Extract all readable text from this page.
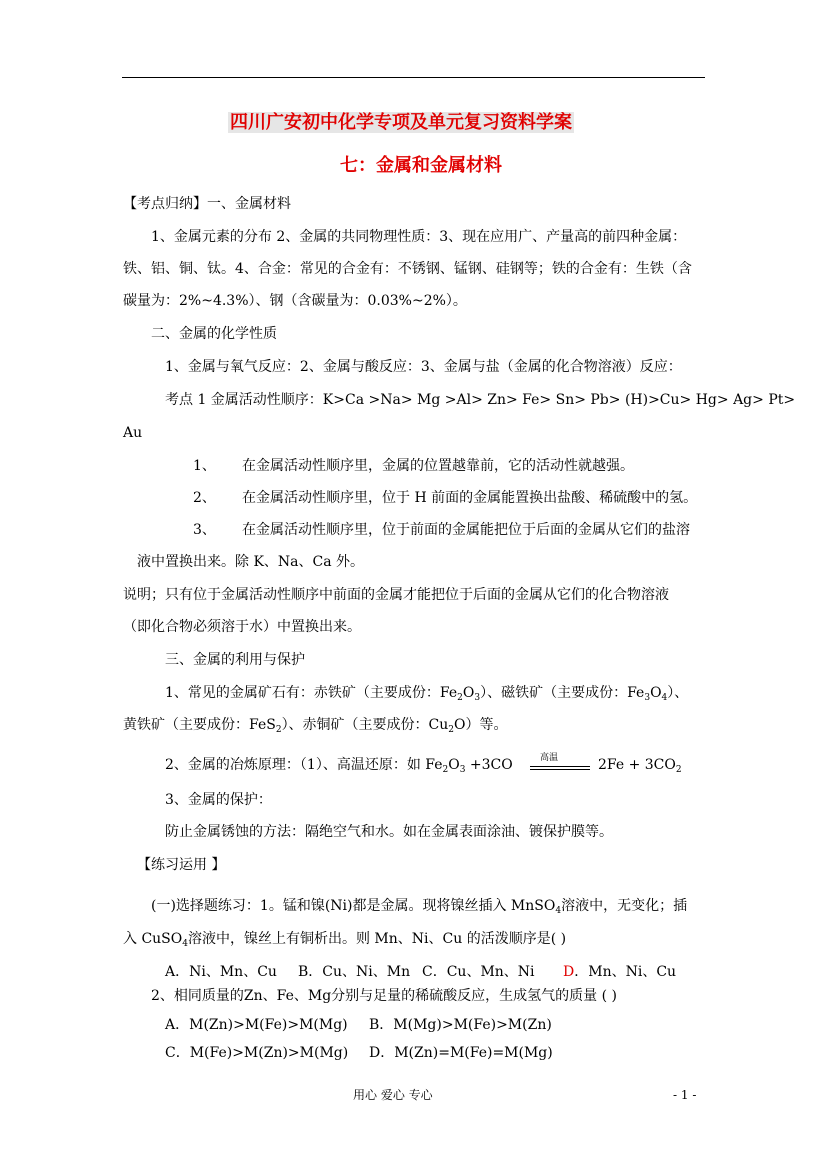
四川广安初中化学专项及单元复习资料学案
七：金属和金属材料
【考点归纳】一、金属材料
1、金属元素的分布 2、金属的共同物理性质：3、现在应用广、产量高的前四种金属：
铁、铝、铜、钛。4、合金：常见的合金有：不锈钢、锰钢、硅钢等；铁的合金有：生铁（含
碳量为：2%~4.3%）、钢（含碳量为：0.03%~2%）。
二、金属的化学性质
1、金属与氧气反应：2、金属与酸反应：3、金属与盐（金属的化合物溶液）反应：
考点 1 金属活动性顺序：K>Ca >Na> Mg >Al> Zn> Fe> Sn> Pb> (H)>Cu> Hg> Ag> Pt>
Au
1、 在金属活动性顺序里，金属的位置越靠前，它的活动性就越强。
2、 在金属活动性顺序里，位于 H 前面的金属能置换出盐酸、稀硫酸中的氢。
3、 在金属活动性顺序里，位于前面的金属能把位于后面的金属从它们的盐溶
液中置换出来。除 K、Na、Ca 外。
说明；只有位于金属活动性顺序中前面的金属才能把位于后面的金属从它们的化合物溶液
（即化合物必须溶于水）中置换出来。
三、金属的利用与保护
1、常见的金属矿石有：赤铁矿（主要成份：$Fe_2O_3$）、磁铁矿（主要成份：$Fe_3O_4$）、
黄铁矿（主要成份：FeS$_2$）、赤铜矿（主要成份：$Cu_2O$）等。
2、金属的冶炼原理：（1）、高温还原：如 $Fe_2O_3 +3CO$	高温	$2Fe + 3CO_2$
3、金属的保护：
防止金属锈蚀的方法：隔绝空气和水。如在金属表面涂油、镀保护膜等。
【练习运用 】
(一)选择题练习：1。锰和镍(Ni)都是金属。现将镍丝插入 MnSO$_4$溶液中，无变化；插
入 CuSO$_4$溶液中，镍丝上有铜析出。则 Mn、Ni、Cu 的活泼顺序是( )
A．Ni、Mn、Cu B．Cu、Ni、Mn C．Cu、Mn、Ni D．Mn、Ni、Cu
2、相同质量的Zn、Fe、Mg分别与足量的稀硫酸反应，生成氢气的质量 ( )
A．M(Zn)>M(Fe)>M(Mg) B．M(Mg)>M(Fe)>M(Zn)
C．M(Fe)>M(Zn)>M(Mg) D．M(Zn)=M(Fe)=M(Mg)
用心 爱心 专心	- 1 -
